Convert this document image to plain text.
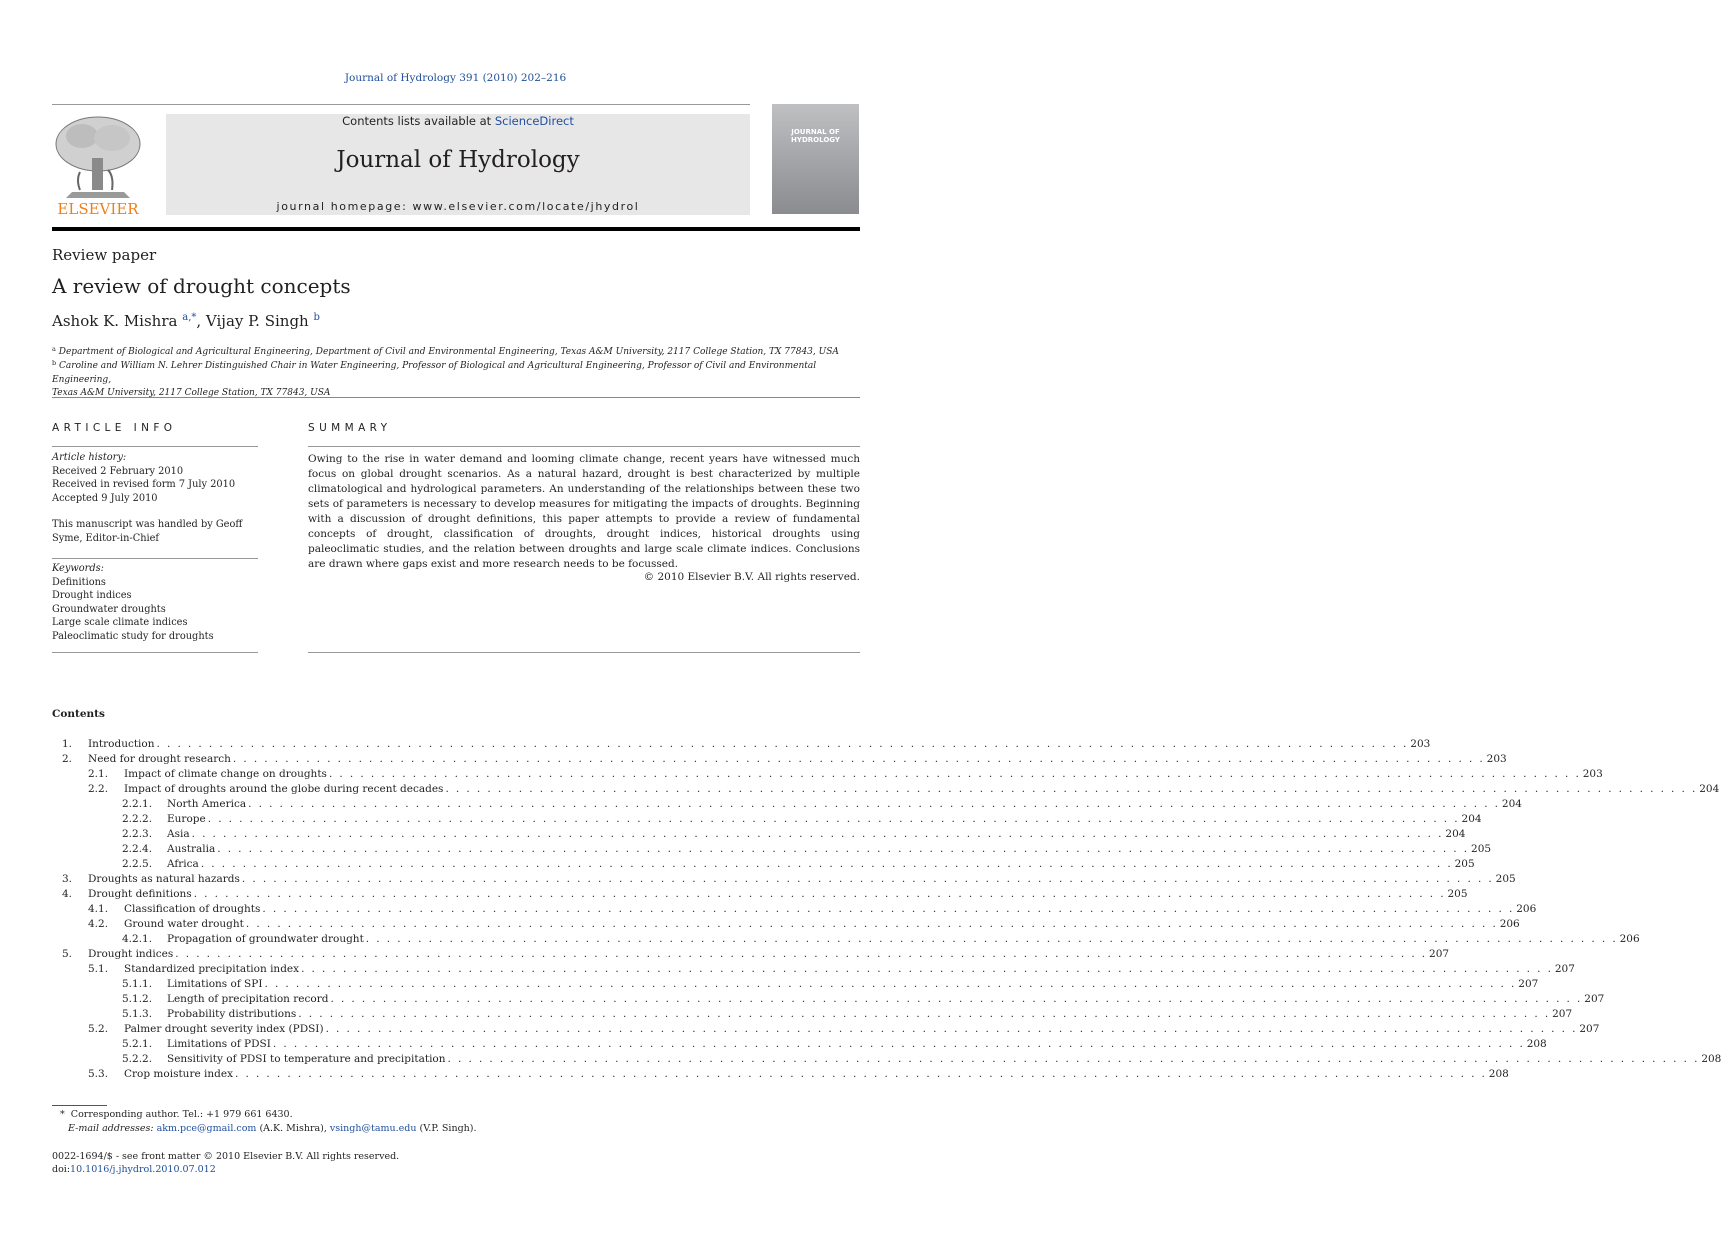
Journal of Hydrology 391 (2010) 202–216
ELSEVIER
Contents lists available at ScienceDirect
Journal of Hydrology
journal homepage: www.elsevier.com/locate/jhydrol
JOURNAL OF HYDROLOGY
Review paper
A review of drought concepts
Ashok K. Mishra $^{a,*}$, Vijay P. Singh $^b$
$^a$ Department of Biological and Agricultural Engineering, Department of Civil and Environmental Engineering, Texas A&M University, 2117 College Station, TX 77843, USA
$^b$ Caroline and William N. Lehrer Distinguished Chair in Water Engineering, Professor of Biological and Agricultural Engineering, Professor of Civil and Environmental Engineering,
Texas A&M University, 2117 College Station, TX 77843, USA
ARTICLE INFO
Article history:
Received 2 February 2010
Received in revised form 7 July 2010
Accepted 9 July 2010
This manuscript was handled by Geoff
Syme, Editor-in-Chief
Keywords:
Definitions
Drought indices
Groundwater droughts
Large scale climate indices
Paleoclimatic study for droughts
SUMMARY
Owing to the rise in water demand and looming climate change, recent years have witnessed much focus on global drought scenarios. As a natural hazard, drought is best characterized by multiple climatological and hydrological parameters. An understanding of the relationships between these two sets of parameters is necessary to develop measures for mitigating the impacts of droughts. Beginning with a discussion of drought definitions, this paper attempts to provide a review of fundamental concepts of drought, classification of droughts, drought indices, historical droughts using paleoclimatic studies, and the relation between droughts and large scale climate indices. Conclusions are drawn where gaps exist and more research needs to be focussed.
© 2010 Elsevier B.V. All rights reserved.
Contents
1.	Introduction . . . . . . . . . . . . . . . . . . . . . . . . . . . . . . . . . . . . . . . . . . . . . . . . . . . . . . . . . . . . . . . . . . . . . . . . . . . . . . . . . . . . . . . . . . . . . . . . . . . . . . . . . . . . . . . . . . . . . . . . 203
2.	Need for drought research . . . . . . . . . . . . . . . . . . . . . . . . . . . . . . . . . . . . . . . . . . . . . . . . . . . . . . . . . . . . . . . . . . . . . . . . . . . . . . . . . . . . . . . . . . . . . . . . . . . . . . . . . . . . . . . . . . . . . . . . 203
2.1.	Impact of climate change on droughts . . . . . . . . . . . . . . . . . . . . . . . . . . . . . . . . . . . . . . . . . . . . . . . . . . . . . . . . . . . . . . . . . . . . . . . . . . . . . . . . . . . . . . . . . . . . . . . . . . . . . . . . . . . . . . . . . . . . . . . . 203
2.2.	Impact of droughts around the globe during recent decades . . . . . . . . . . . . . . . . . . . . . . . . . . . . . . . . . . . . . . . . . . . . . . . . . . . . . . . . . . . . . . . . . . . . . . . . . . . . . . . . . . . . . . . . . . . . . . . . . . . . . . . . . . . . . . . . . . . . . . . . 204
2.2.1.	North America . . . . . . . . . . . . . . . . . . . . . . . . . . . . . . . . . . . . . . . . . . . . . . . . . . . . . . . . . . . . . . . . . . . . . . . . . . . . . . . . . . . . . . . . . . . . . . . . . . . . . . . . . . . . . . . . . . . . . . . . 204
2.2.2.	Europe . . . . . . . . . . . . . . . . . . . . . . . . . . . . . . . . . . . . . . . . . . . . . . . . . . . . . . . . . . . . . . . . . . . . . . . . . . . . . . . . . . . . . . . . . . . . . . . . . . . . . . . . . . . . . . . . . . . . . . . . 204
2.2.3.	Asia . . . . . . . . . . . . . . . . . . . . . . . . . . . . . . . . . . . . . . . . . . . . . . . . . . . . . . . . . . . . . . . . . . . . . . . . . . . . . . . . . . . . . . . . . . . . . . . . . . . . . . . . . . . . . . . . . . . . . . . . 204
2.2.4.	Australia . . . . . . . . . . . . . . . . . . . . . . . . . . . . . . . . . . . . . . . . . . . . . . . . . . . . . . . . . . . . . . . . . . . . . . . . . . . . . . . . . . . . . . . . . . . . . . . . . . . . . . . . . . . . . . . . . . . . . . . . 205
2.2.5.	Africa . . . . . . . . . . . . . . . . . . . . . . . . . . . . . . . . . . . . . . . . . . . . . . . . . . . . . . . . . . . . . . . . . . . . . . . . . . . . . . . . . . . . . . . . . . . . . . . . . . . . . . . . . . . . . . . . . . . . . . . . 205
3.	Droughts as natural hazards . . . . . . . . . . . . . . . . . . . . . . . . . . . . . . . . . . . . . . . . . . . . . . . . . . . . . . . . . . . . . . . . . . . . . . . . . . . . . . . . . . . . . . . . . . . . . . . . . . . . . . . . . . . . . . . . . . . . . . . . 205
4.	Drought definitions . . . . . . . . . . . . . . . . . . . . . . . . . . . . . . . . . . . . . . . . . . . . . . . . . . . . . . . . . . . . . . . . . . . . . . . . . . . . . . . . . . . . . . . . . . . . . . . . . . . . . . . . . . . . . . . . . . . . . . . . 205
4.1.	Classification of droughts . . . . . . . . . . . . . . . . . . . . . . . . . . . . . . . . . . . . . . . . . . . . . . . . . . . . . . . . . . . . . . . . . . . . . . . . . . . . . . . . . . . . . . . . . . . . . . . . . . . . . . . . . . . . . . . . . . . . . . . . 206
4.2.	Ground water drought . . . . . . . . . . . . . . . . . . . . . . . . . . . . . . . . . . . . . . . . . . . . . . . . . . . . . . . . . . . . . . . . . . . . . . . . . . . . . . . . . . . . . . . . . . . . . . . . . . . . . . . . . . . . . . . . . . . . . . . . 206
4.2.1.	Propagation of groundwater drought . . . . . . . . . . . . . . . . . . . . . . . . . . . . . . . . . . . . . . . . . . . . . . . . . . . . . . . . . . . . . . . . . . . . . . . . . . . . . . . . . . . . . . . . . . . . . . . . . . . . . . . . . . . . . . . . . . . . . . . . 206
5.	Drought indices . . . . . . . . . . . . . . . . . . . . . . . . . . . . . . . . . . . . . . . . . . . . . . . . . . . . . . . . . . . . . . . . . . . . . . . . . . . . . . . . . . . . . . . . . . . . . . . . . . . . . . . . . . . . . . . . . . . . . . . . 207
5.1.	Standardized precipitation index . . . . . . . . . . . . . . . . . . . . . . . . . . . . . . . . . . . . . . . . . . . . . . . . . . . . . . . . . . . . . . . . . . . . . . . . . . . . . . . . . . . . . . . . . . . . . . . . . . . . . . . . . . . . . . . . . . . . . . . . 207
5.1.1.	Limitations of SPI . . . . . . . . . . . . . . . . . . . . . . . . . . . . . . . . . . . . . . . . . . . . . . . . . . . . . . . . . . . . . . . . . . . . . . . . . . . . . . . . . . . . . . . . . . . . . . . . . . . . . . . . . . . . . . . . . . . . . . . . 207
5.1.2.	Length of precipitation record . . . . . . . . . . . . . . . . . . . . . . . . . . . . . . . . . . . . . . . . . . . . . . . . . . . . . . . . . . . . . . . . . . . . . . . . . . . . . . . . . . . . . . . . . . . . . . . . . . . . . . . . . . . . . . . . . . . . . . . . 207
5.1.3.	Probability distributions . . . . . . . . . . . . . . . . . . . . . . . . . . . . . . . . . . . . . . . . . . . . . . . . . . . . . . . . . . . . . . . . . . . . . . . . . . . . . . . . . . . . . . . . . . . . . . . . . . . . . . . . . . . . . . . . . . . . . . . . 207
5.2.	Palmer drought severity index (PDSI) . . . . . . . . . . . . . . . . . . . . . . . . . . . . . . . . . . . . . . . . . . . . . . . . . . . . . . . . . . . . . . . . . . . . . . . . . . . . . . . . . . . . . . . . . . . . . . . . . . . . . . . . . . . . . . . . . . . . . . . . 207
5.2.1.	Limitations of PDSI . . . . . . . . . . . . . . . . . . . . . . . . . . . . . . . . . . . . . . . . . . . . . . . . . . . . . . . . . . . . . . . . . . . . . . . . . . . . . . . . . . . . . . . . . . . . . . . . . . . . . . . . . . . . . . . . . . . . . . . . 208
5.2.2.	Sensitivity of PDSI to temperature and precipitation . . . . . . . . . . . . . . . . . . . . . . . . . . . . . . . . . . . . . . . . . . . . . . . . . . . . . . . . . . . . . . . . . . . . . . . . . . . . . . . . . . . . . . . . . . . . . . . . . . . . . . . . . . . . . . . . . . . . . . . . 208
5.3.	Crop moisture index . . . . . . . . . . . . . . . . . . . . . . . . . . . . . . . . . . . . . . . . . . . . . . . . . . . . . . . . . . . . . . . . . . . . . . . . . . . . . . . . . . . . . . . . . . . . . . . . . . . . . . . . . . . . . . . . . . . . . . . . 208
* Corresponding author. Tel.: +1 979 661 6430.
E-mail addresses: akm.pce@gmail.com (A.K. Mishra), vsingh@tamu.edu (V.P. Singh).
0022-1694/$ - see front matter © 2010 Elsevier B.V. All rights reserved.
doi:10.1016/j.jhydrol.2010.07.012
